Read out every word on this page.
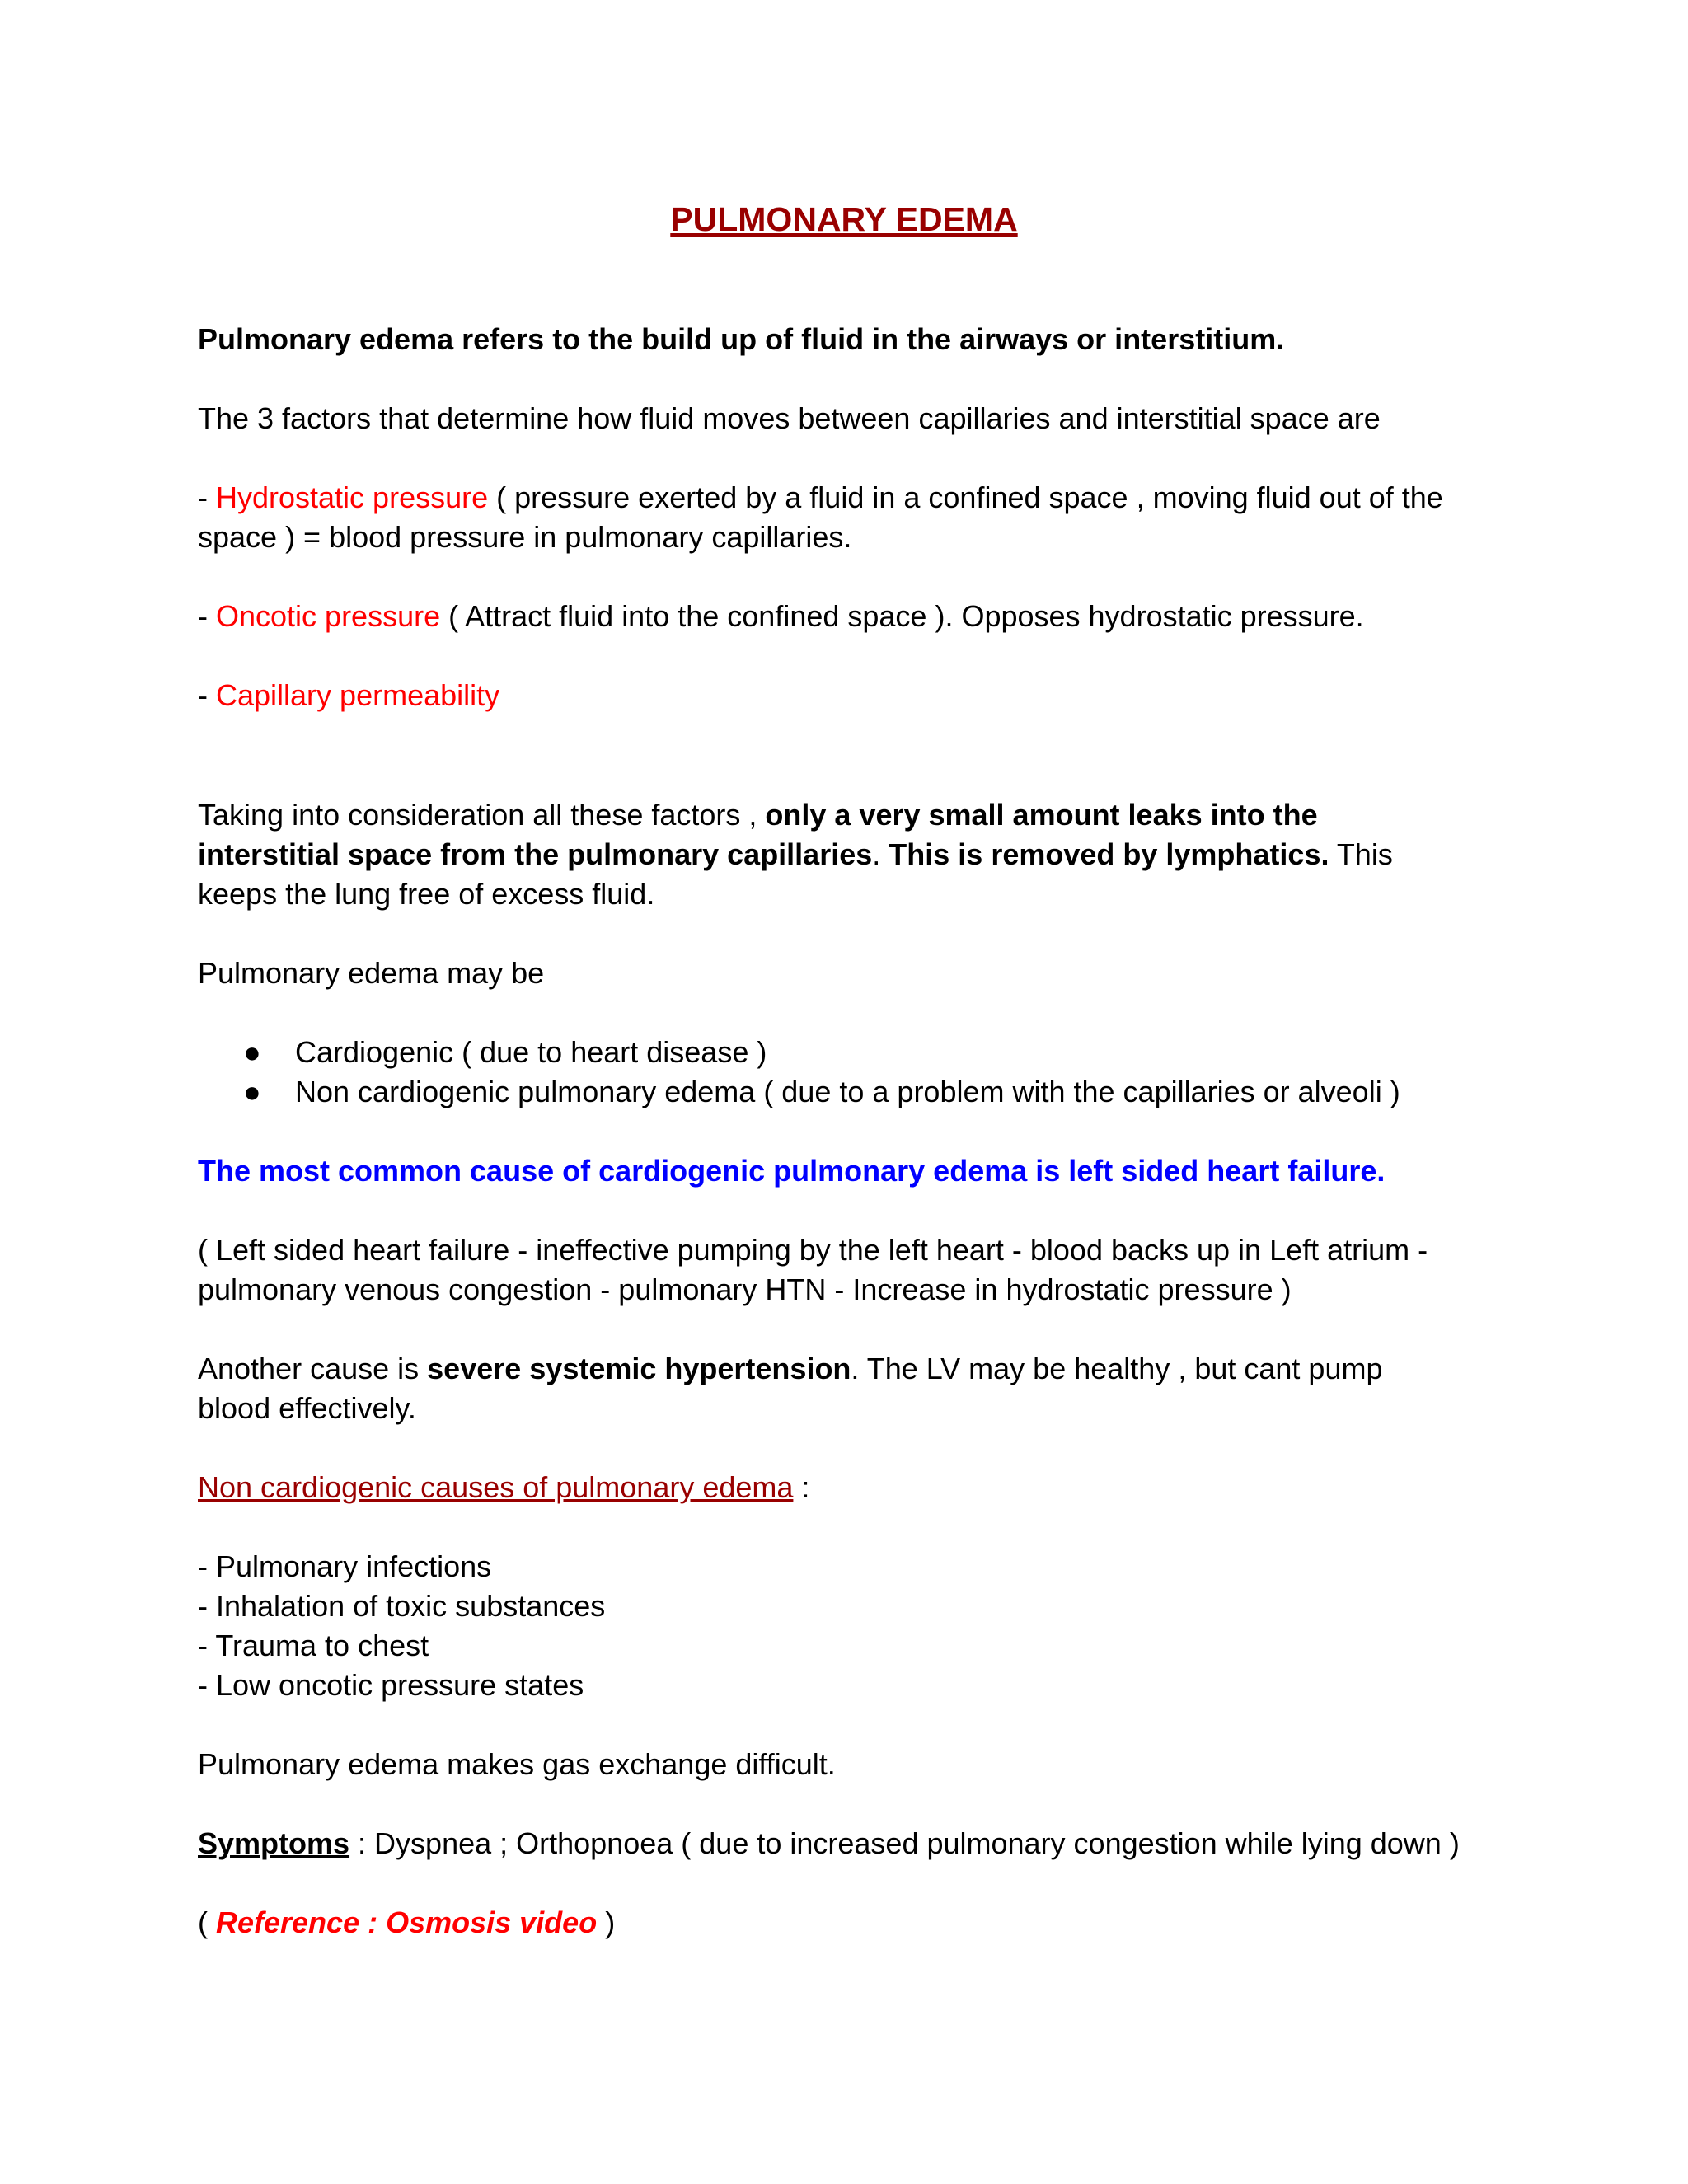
PULMONARY EDEMA

Pulmonary edema refers to the build up of fluid in the airways or interstitium.

The 3 factors that determine how fluid moves between capillaries and interstitial space are

- Hydrostatic pressure ( pressure exerted by a fluid in a confined space , moving fluid out of the

space ) = blood pressure in pulmonary capillaries.

- Oncotic pressure ( Attract fluid into the confined space ). Opposes hydrostatic pressure.

- Capillary permeability

Taking into consideration all these factors , only a very small amount leaks into the

interstitial space from the pulmonary capillaries. This is removed by lymphatics. This

keeps the lung free of excess fluid.

Pulmonary edema may be

● Cardiogenic ( due to heart disease )
● Non cardiogenic pulmonary edema ( due to a problem with the capillaries or alveoli )

The most common cause of cardiogenic pulmonary edema is left sided heart failure.

( Left sided heart failure - ineffective pumping by the left heart - blood backs up in Left atrium -

pulmonary venous congestion - pulmonary HTN - Increase in hydrostatic pressure )

Another cause is severe systemic hypertension. The LV may be healthy , but cant pump

blood effectively.

Non cardiogenic causes of pulmonary edema :

- Pulmonary infections

- Inhalation of toxic substances

- Trauma to chest

- Low oncotic pressure states

Pulmonary edema makes gas exchange difficult.

Symptoms : Dyspnea ; Orthopnoea ( due to increased pulmonary congestion while lying down )

( Reference : Osmosis video )
